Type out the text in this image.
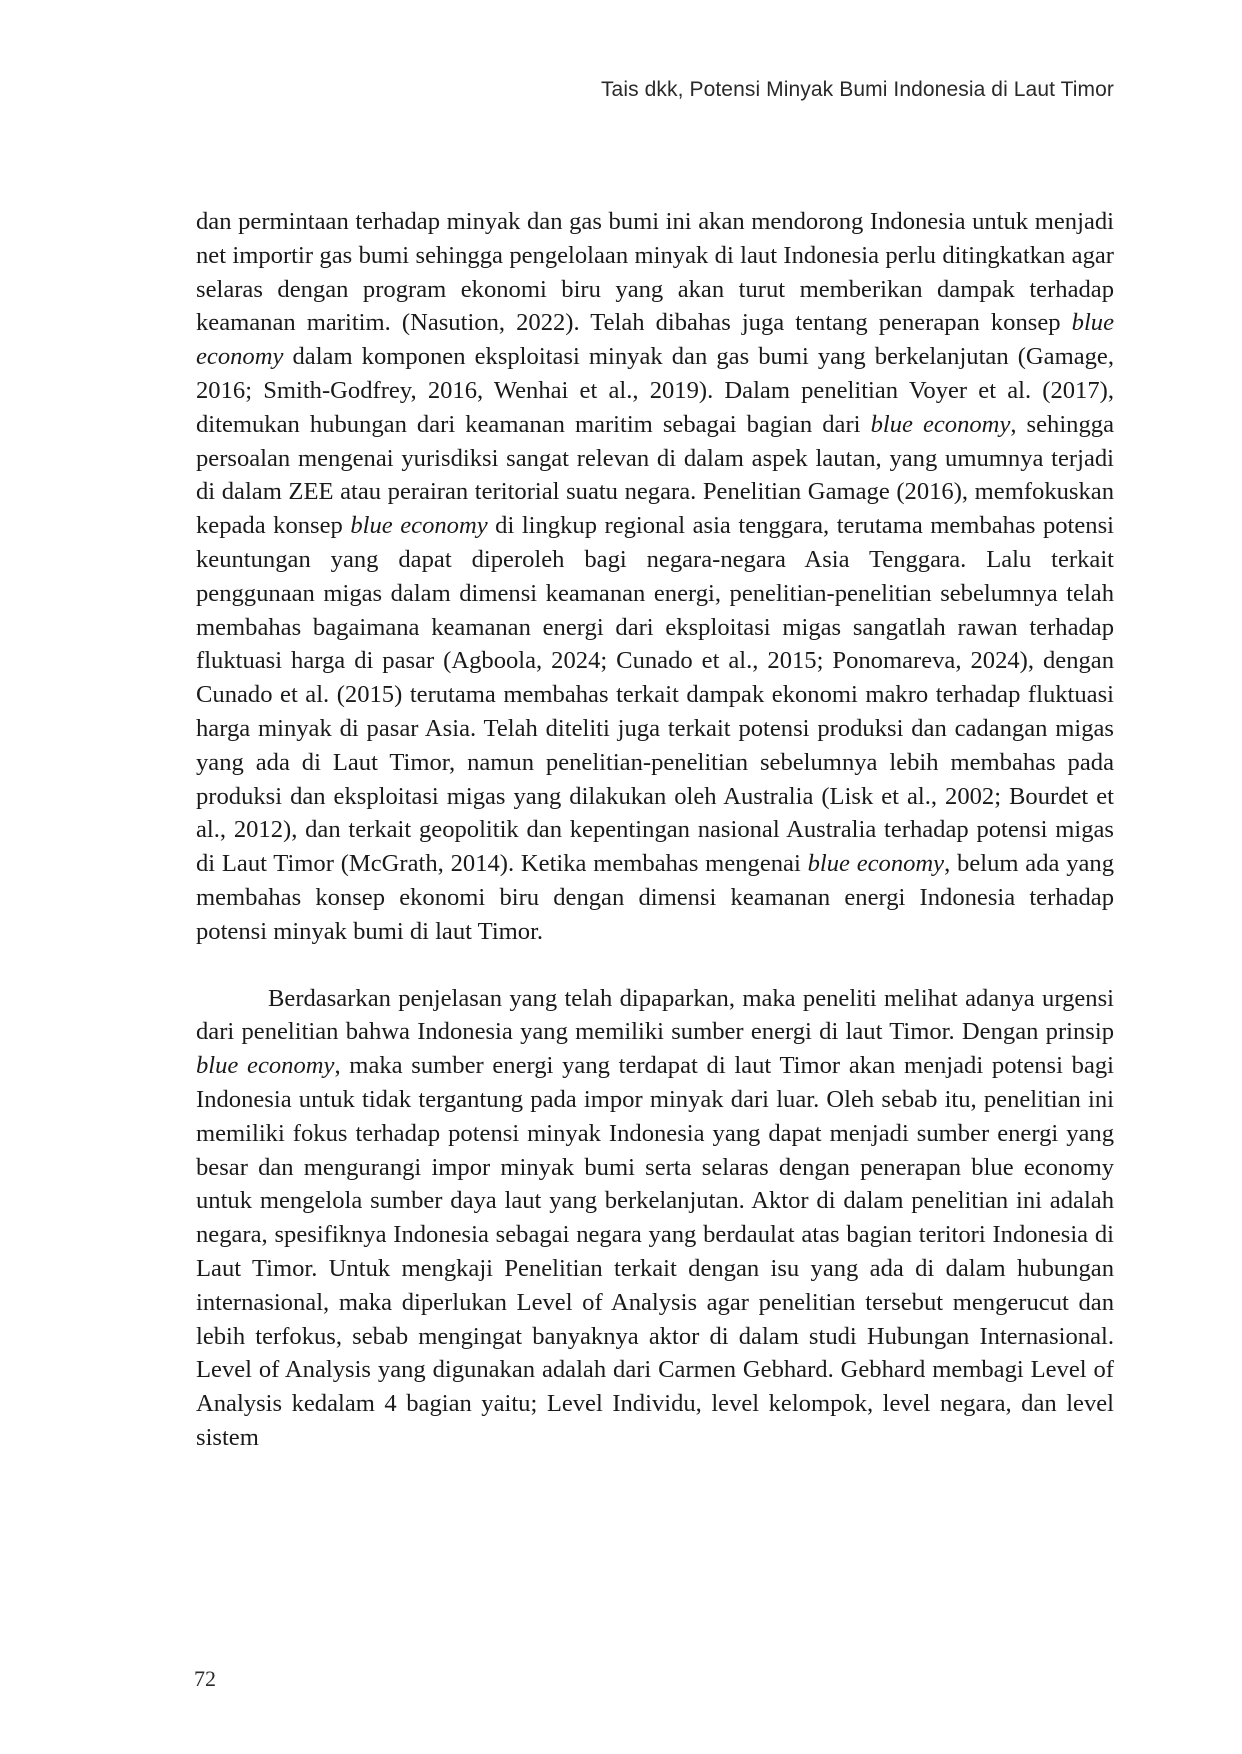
Tais dkk, Potensi Minyak Bumi Indonesia di Laut Timor

dan permintaan terhadap minyak dan gas bumi ini akan mendorong Indonesia untuk menjadi net importir gas bumi sehingga pengelolaan minyak di laut Indonesia perlu ditingkatkan agar selaras dengan program ekonomi biru yang akan turut memberikan dampak terhadap keamanan maritim. (Nasution, 2022). Telah dibahas juga tentang penerapan konsep blue economy dalam komponen eksploitasi minyak dan gas bumi yang berkelanjutan (Gamage, 2016; Smith-Godfrey, 2016, Wenhai et al., 2019). Dalam penelitian Voyer et al. (2017), ditemukan hubungan dari keamanan maritim sebagai bagian dari blue economy, sehingga persoalan mengenai yurisdiksi sangat relevan di dalam aspek lautan, yang umumnya terjadi di dalam ZEE atau perairan teritorial suatu negara. Penelitian Gamage (2016), memfokuskan kepada konsep blue economy di lingkup regional asia tenggara, terutama membahas potensi keuntungan yang dapat diperoleh bagi negara-negara Asia Tenggara. Lalu terkait penggunaan migas dalam dimensi keamanan energi, penelitian-penelitian sebelumnya telah membahas bagaimana keamanan energi dari eksploitasi migas sangatlah rawan terhadap fluktuasi harga di pasar (Agboola, 2024; Cunado et al., 2015; Ponomareva, 2024), dengan Cunado et al. (2015) terutama membahas terkait dampak ekonomi makro terhadap fluktuasi harga minyak di pasar Asia. Telah diteliti juga terkait potensi produksi dan cadangan migas yang ada di Laut Timor, namun penelitian-penelitian sebelumnya lebih membahas pada produksi dan eksploitasi migas yang dilakukan oleh Australia (Lisk et al., 2002; Bourdet et al., 2012), dan terkait geopolitik dan kepentingan nasional Australia terhadap potensi migas di Laut Timor (McGrath, 2014). Ketika membahas mengenai blue economy, belum ada yang membahas konsep ekonomi biru dengan dimensi keamanan energi Indonesia terhadap potensi minyak bumi di laut Timor.

Berdasarkan penjelasan yang telah dipaparkan, maka peneliti melihat adanya urgensi dari penelitian bahwa Indonesia yang memiliki sumber energi di laut Timor. Dengan prinsip blue economy, maka sumber energi yang terdapat di laut Timor akan menjadi potensi bagi Indonesia untuk tidak tergantung pada impor minyak dari luar. Oleh sebab itu, penelitian ini memiliki fokus terhadap potensi minyak Indonesia yang dapat menjadi sumber energi yang besar dan mengurangi impor minyak bumi serta selaras dengan penerapan blue economy untuk mengelola sumber daya laut yang berkelanjutan. Aktor di dalam penelitian ini adalah negara, spesifiknya Indonesia sebagai negara yang berdaulat atas bagian teritori Indonesia di Laut Timor. Untuk mengkaji Penelitian terkait dengan isu yang ada di dalam hubungan internasional, maka diperlukan Level of Analysis agar penelitian tersebut mengerucut dan lebih terfokus, sebab mengingat banyaknya aktor di dalam studi Hubungan Internasional. Level of Analysis yang digunakan adalah dari Carmen Gebhard. Gebhard membagi Level of Analysis kedalam 4 bagian yaitu; Level Individu, level kelompok, level negara, dan level sistem

72
